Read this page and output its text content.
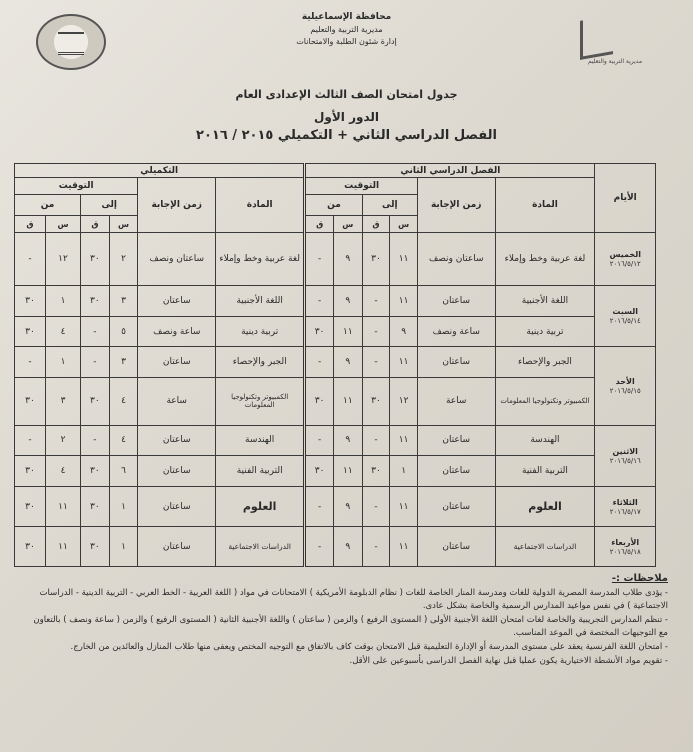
مديرية التربية والتعليم
محافظة الإسماعيلية
مديرية التربية والتعليم
إدارة شئون الطلبة والامتحانات
جدول امتحان الصف الثالث الإعدادى العام
الدور الأول
الفصل الدراسي الثاني + التكميلي ٢٠١٥ / ٢٠١٦
الأيام	الفصل الدراسي الثاني						التكميلي					
	المادة	زمن الإجابة	التوقيت				المادة	زمن الإجابة	التوقيت			
			إلى		من				إلى		من	
			س	ق	س	ق			س	ق	س	ق

الخميس
٢٠١٦/٥/١٢	لغة عربية وخط وإملاء	ساعتان ونصف	١١	٣٠	٩	-	لغة عربية وخط وإملاء	ساعتان ونصف	٢	٣٠	١٢	-

السبت
٢٠١٦/٥/١٤	اللغة الأجنبية	ساعتان	١١	-	٩	-	اللغة الأجنبية	ساعتان	٣	٣٠	١	٣٠
	تربية دينية	ساعة ونصف	٩	-	١١	٣٠	تربية دينية	ساعة ونصف	٥	-	٤	٣٠

الأحد
٢٠١٦/٥/١٥	الجبر والإحصاء	ساعتان	١١	-	٩	-	الجبر والإحصاء	ساعتان	٣	-	١	-
	الكمبيوتر وتكنولوجيا المعلومات	ساعة	١٢	٣٠	١١	٣٠	الكمبيوتر وتكنولوجيا المعلومات	ساعة	٤	٣٠	٣	٣٠

الاثنين
٢٠١٦/٥/١٦	الهندسة	ساعتان	١١	-	٩	-	الهندسة	ساعتان	٤	-	٢	-
	التربية الفنية	ساعتان	١	٣٠	١١	٣٠	التربية الفنية	ساعتان	٦	٣٠	٤	٣٠

الثلاثاء
٢٠١٦/٥/١٧	العلوم	ساعتان	١١	-	٩	-	العلوم	ساعتان	١	٣٠	١١	٣٠

الأربعاء
٢٠١٦/٥/١٨	الدراسات الاجتماعية	ساعتان	١١	-	٩	-	الدراسات الاجتماعية	ساعتان	١	٣٠	١١	٣٠
ملاحظات :-
- يؤدى طلاب المدرسة المصرية الدولية للغات ومدرسة المنار الخاصة للغات ( نظام الدبلومة الأمريكية ) الامتحانات في مواد ( اللغة العربية - الخط العربي - التربية الدينية - الدراسات الاجتماعية ) في نفس مواعيد المدارس الرسمية والخاصة بشكل عادى.
- تنظم المدارس التجريبية والخاصة لغات امتحان اللغة الأجنبية الأولى ( المستوى الرفيع ) والزمن ( ساعتان ) واللغة الأجنبية الثانية ( المستوى الرفيع ) والزمن ( ساعة ونصف ) بالتعاون مع التوجيهات المختصة في الموعد المناسب.
- امتحان اللغة الفرنسية يعقد على مستوى المدرسة أو الإدارة التعليمية قبل الامتحان بوقت كاف بالاتفاق مع التوجيه المختص ويعفى منها طلاب المنازل والعائدين من الخارج.
- تقويم مواد الأنشطة الاختيارية يكون عمليا قبل نهاية الفصل الدراسى بأسبوعين على الأقل.
